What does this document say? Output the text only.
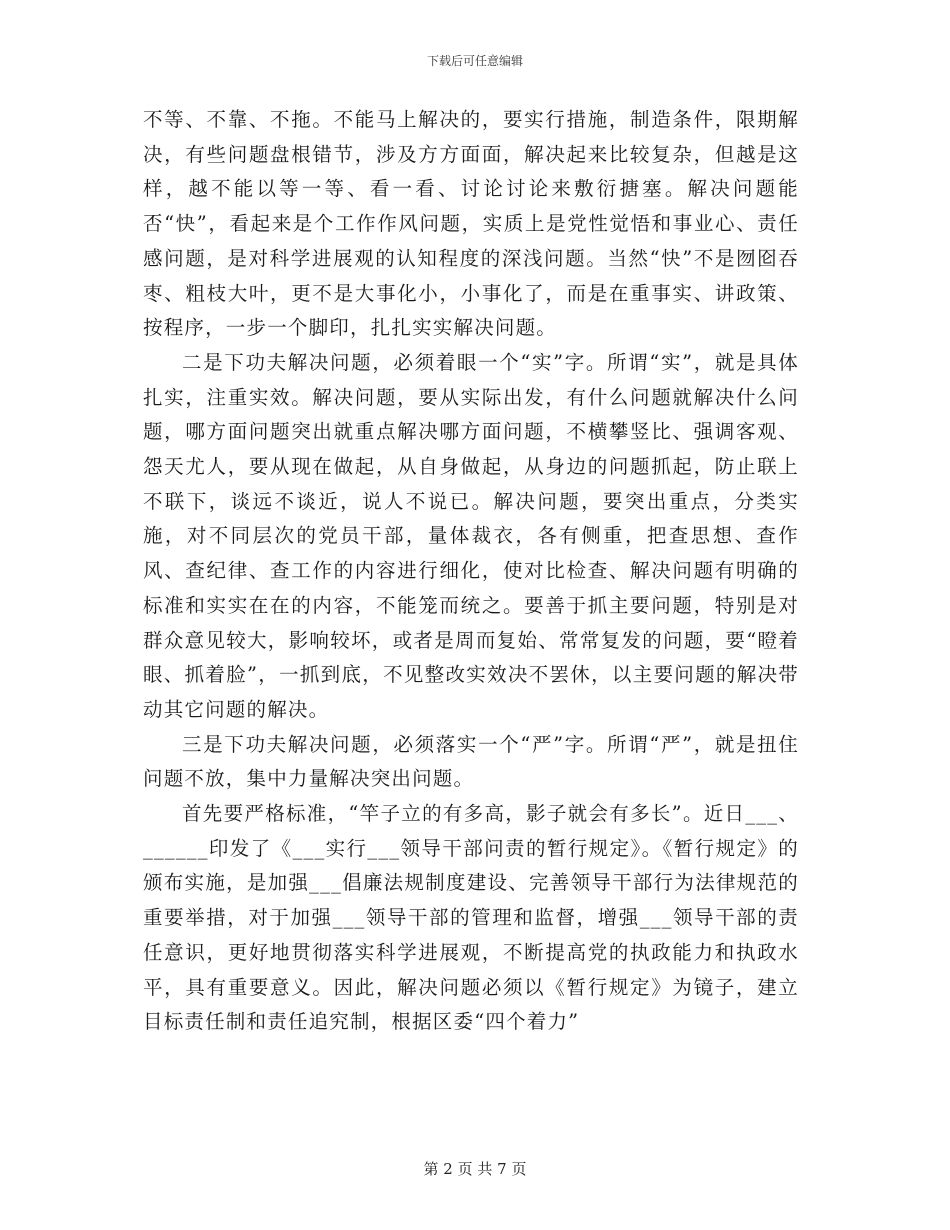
下载后可任意编辑

不等、不靠、不拖。不能马上解决的，要实行措施，制造条件，限期解决，有些问题盘根错节，涉及方方面面，解决起来比较复杂，但越是这样，越不能以等一等、看一看、讨论讨论来敷衍搪塞。解决问题能否“快”，看起来是个工作作风问题，实质上是党性觉悟和事业心、责任感问题，是对科学进展观的认知程度的深浅问题。当然“快”不是囫囵吞枣、粗枝大叶，更不是大事化小，小事化了，而是在重事实、讲政策、按程序，一步一个脚印，扎扎实实解决问题。

二是下功夫解决问题，必须着眼一个“实”字。所谓“实”，就是具体扎实，注重实效。解决问题，要从实际出发，有什么问题就解决什么问题，哪方面问题突出就重点解决哪方面问题，不横攀竖比、强调客观、怨天尤人，要从现在做起，从自身做起，从身边的问题抓起，防止联上不联下，谈远不谈近，说人不说已。解决问题，要突出重点，分类实施，对不同层次的党员干部，量体裁衣，各有侧重，把查思想、查作风、查纪律、查工作的内容进行细化，使对比检查、解决问题有明确的标准和实实在在的内容，不能笼而统之。要善于抓主要问题，特别是对群众意见较大，影响较坏，或者是周而复始、常常复发的问题，要“瞪着眼、抓着脸”，一抓到底，不见整改实效决不罢休，以主要问题的解决带动其它问题的解决。

三是下功夫解决问题，必须落实一个“严”字。所谓“严”，就是扭住问题不放，集中力量解决突出问题。

首先要严格标准，“竿子立的有多高，影子就会有多长”。近日___、______印发了《___实行___领导干部问责的暂行规定》。《暂行规定》的颁布实施，是加强___倡廉法规制度建设、完善领导干部行为法律规范的重要举措，对于加强___领导干部的管理和监督，增强___领导干部的责任意识，更好地贯彻落实科学进展观，不断提高党的执政能力和执政水平，具有重要意义。因此，解决问题必须以《暂行规定》为镜子，建立目标责任制和责任追究制，根据区委“四个着力”

第 2 页 共 7 页
